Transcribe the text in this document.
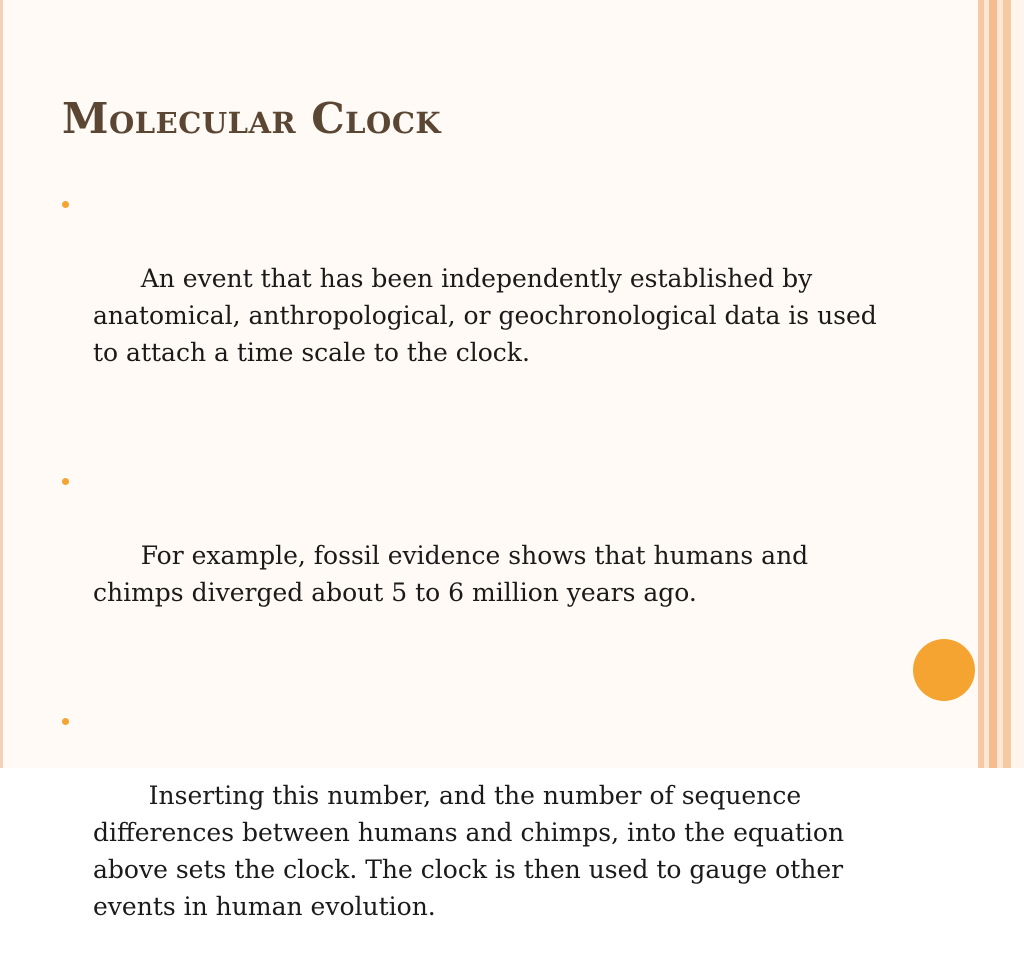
Molecular Clock

An event that has been independently established by anatomical, anthropological, or geochronological data is used to attach a time scale to the clock.

For example, fossil evidence shows that humans and chimps diverged about 5 to 6 million years ago.

Inserting this number, and the number of sequence differences between humans and chimps, into the equation above sets the clock. The clock is then used to gauge other events in human evolution.
